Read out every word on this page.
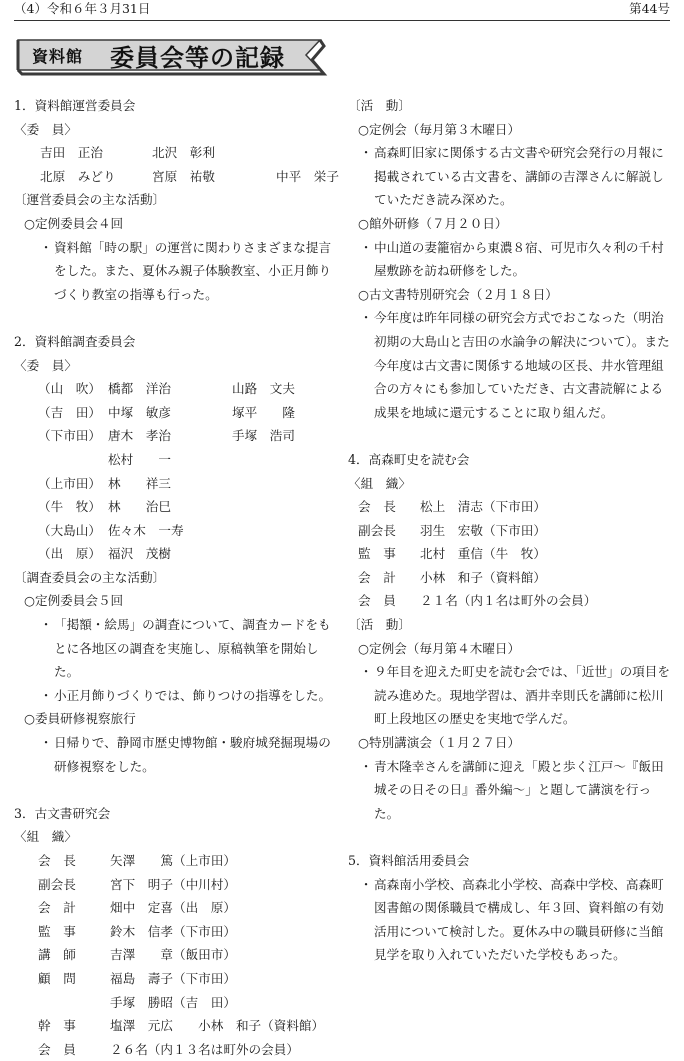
（4）令和６年３月31日	第44号
資料館 委員会等の記録
1．資料館運営委員会
〈委　員〉
吉田　正治	北沢　彰利
北原　みどり	宮原　祐敬	中平　栄子
〔運営委員会の主な活動〕
○定例委員会４回
・ 資料館「時の駅」の運営に関わりさまざまな提言をした。また、夏休み親子体験教室、小正月飾りづくり教室の指導も行った。
2．資料館調査委員会
〈委　員〉
（山　吹） 橋都　洋治	山路　文夫
（吉　田） 中塚　敏彦	塚平　　隆
（下市田） 唐木　孝治	手塚　浩司
松村　　一
（上市田） 林　　祥三
（牛　牧） 林　　治巳
（大島山） 佐々木　一寿
（出　原） 福沢　茂樹
〔調査委員会の主な活動〕
○定例委員会５回
・ 「掲額・絵馬」の調査について、調査カードをもとに各地区の調査を実施し、原稿執筆を開始した。
・ 小正月飾りづくりでは、飾りつけの指導をした。
○委員研修視察旅行
・ 日帰りで、静岡市歴史博物館・駿府城発掘現場の研修視察をした。
3．古文書研究会
〈組　織〉
会　長	矢澤　　篤（上市田）
副会長	宮下　明子（中川村）
会　計	畑中　定喜（出　原）
監　事	鈴木　信孝（下市田）
講　師	吉澤　　章（飯田市）
顧　問	福島　壽子（下市田）
手塚　勝昭（吉　田）
幹　事	塩澤　元広　　小林　和子（資料館）
会　員	２６名（内１３名は町外の会員）
〔活　動〕
○定例会（毎月第３木曜日）
・ 高森町旧家に関係する古文書や研究会発行の月報に掲載されている古文書を、講師の吉澤さんに解説していただき読み深めた。
○館外研修（７月２０日）
・ 中山道の妻籠宿から東濃８宿、可児市久々利の千村屋敷跡を訪ね研修をした。
○古文書特別研究会（２月１８日）
・ 今年度は昨年同様の研究会方式でおこなった（明治初期の大島山と吉田の水論争の解決について）。また今年度は古文書に関係する地域の区長、井水管理組合の方々にも参加していただき、古文書読解による成果を地域に還元することに取り組んだ。
4．高森町史を読む会
〈組　織〉
会　長 松上　清志（下市田）
副会長 羽生　宏敬（下市田）
監　事 北村　重信（牛　牧）
会　計 小林　和子（資料館）
会　員 ２１名（内１名は町外の会員）
〔活　動〕
○定例会（毎月第４木曜日）
・ ９年目を迎えた町史を読む会では、「近世」の項目を読み進めた。現地学習は、酒井幸則氏を講師に松川町上段地区の歴史を実地で学んだ。
○特別講演会（１月２７日）
・ 青木隆幸さんを講師に迎え「殿と歩く江戸～『飯田城その日その日』番外編～」と題して講演を行った。
5．資料館活用委員会
・ 高森南小学校、高森北小学校、高森中学校、高森町図書館の関係職員で構成し、年３回、資料館の有効活用について検討した。夏休み中の職員研修に当館見学を取り入れていただいた学校もあった。
